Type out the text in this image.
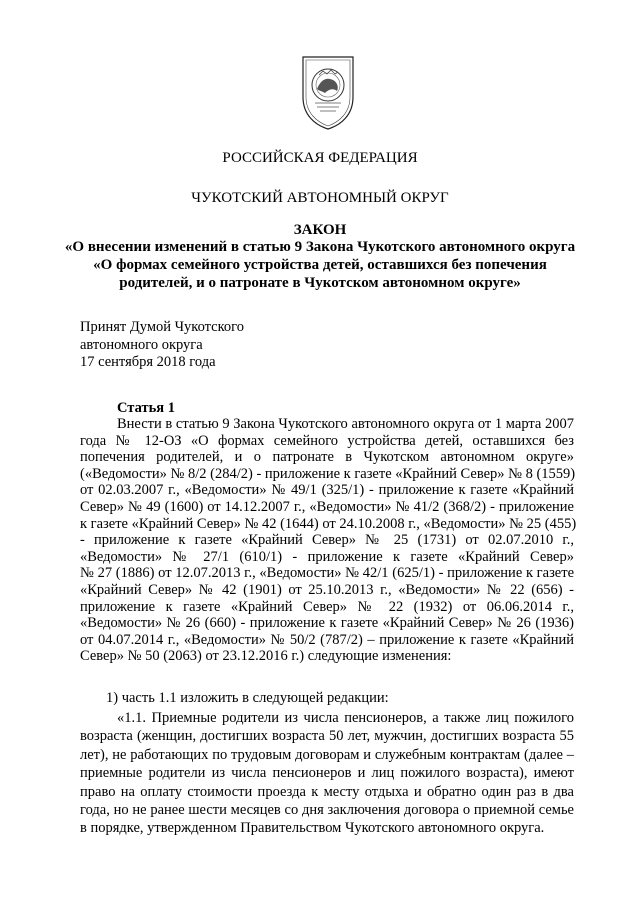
РОССИЙСКАЯ ФЕДЕРАЦИЯ
ЧУКОТСКИЙ АВТОНОМНЫЙ ОКРУГ
ЗАКОН
«О внесении изменений в статью 9 Закона Чукотского автономного округа
«О формах семейного устройства детей, оставшихся без попечения
родителей, и о патронате в Чукотском автономном округе»
Принят Думой Чукотского
автономного округа
17 сентября 2018 года
Статья 1
Внести в статью 9 Закона Чукотского автономного округа от 1 марта 2007
года № 12-ОЗ «О формах семейного устройства детей, оставшихся без
попечения родителей, и о патронате в Чукотском автономном округе»
(«Ведомости» № 8/2 (284/2) - приложение к газете «Крайний Север» № 8 (1559)
от 02.03.2007 г., «Ведомости» № 49/1 (325/1) - приложение к газете «Крайний
Север» № 49 (1600) от 14.12.2007 г., «Ведомости» № 41/2 (368/2) - приложение
к газете «Крайний Север» № 42 (1644) от 24.10.2008 г., «Ведомости» № 25 (455)
- приложение к газете «Крайний Север» № 25 (1731) от 02.07.2010 г.,
«Ведомости» № 27/1 (610/1) - приложение к газете «Крайний Север»
№ 27 (1886) от 12.07.2013 г., «Ведомости» № 42/1 (625/1) - приложение к газете
«Крайний Север» № 42 (1901) от 25.10.2013 г., «Ведомости» № 22 (656) -
приложение к газете «Крайний Север» № 22 (1932) от 06.06.2014 г.,
«Ведомости» № 26 (660) - приложение к газете «Крайний Север» № 26 (1936)
от 04.07.2014 г., «Ведомости» № 50/2 (787/2) – приложение к газете «Крайний
Север» № 50 (2063) от 23.12.2016 г.) следующие изменения:
1) часть 1.1 изложить в следующей редакции:
«1.1. Приемные родители из числа пенсионеров, а также лиц пожилого
возраста (женщин, достигших возраста 50 лет, мужчин, достигших возраста 55
лет), не работающих по трудовым договорам и служебным контрактам (далее –
приемные родители из числа пенсионеров и лиц пожилого возраста), имеют
право на оплату стоимости проезда к месту отдыха и обратно один раз в два
года, но не ранее шести месяцев со дня заключения договора о приемной семье
в порядке, утвержденном Правительством Чукотского автономного округа.
